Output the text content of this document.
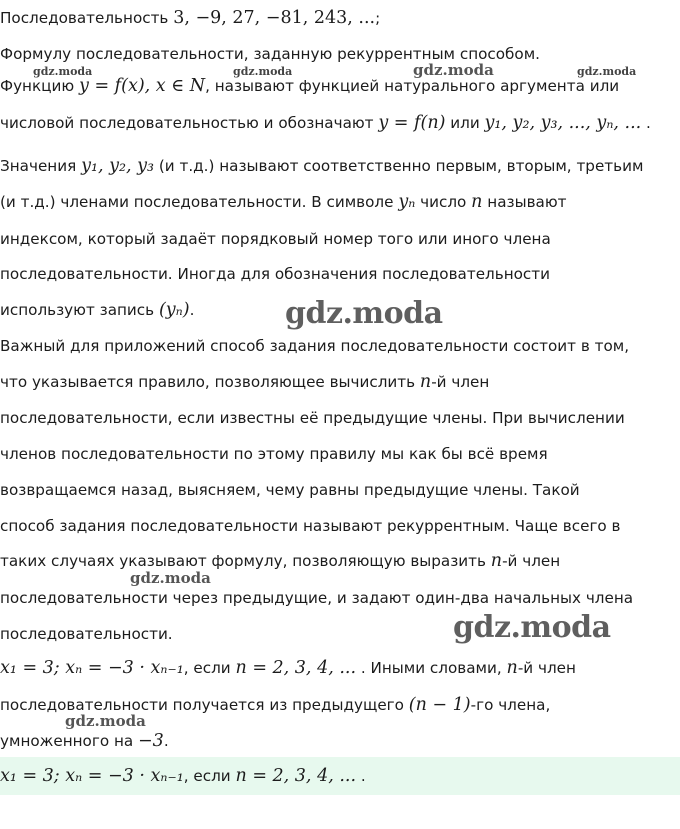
Последовательность 3, −9, 27, −81, 243, ...;
Формулу последовательности, заданную рекуррентным способом.
Функцию y = f(x), x ∈ N, называют функцией натурального аргумента или
числовой последовательностью и обозначают y = f(n) или y₁, y₂, y₃, ..., yₙ, ... .
Значения y₁, y₂, y₃ (и т.д.) называют соответственно первым, вторым, третьим
(и т.д.) членами последовательности. В символе yₙ число n называют
индексом, который задаёт порядковый номер того или иного члена
последовательности. Иногда для обозначения последовательности
используют запись (yₙ).
Важный для приложений способ задания последовательности состоит в том,
что указывается правило, позволяющее вычислить n-й член
последовательности, если известны её предыдущие члены. При вычислении
членов последовательности по этому правилу мы как бы всё время
возвращаемся назад, выясняем, чему равны предыдущие члены. Такой
способ задания последовательности называют рекуррентным. Чаще всего в
таких случаях указывают формулу, позволяющую выразить n-й член
последовательности через предыдущие, и задают один-два начальных члена
последовательности.
x₁ = 3; xₙ = −3 · xₙ₋₁, если n = 2, 3, 4, ... . Иными словами, n-й член
последовательности получается из предыдущего (n − 1)-го члена,
умноженного на −3.
x₁ = 3; xₙ = −3 · xₙ₋₁, если n = 2, 3, 4, ... .
gdz.moda	gdz.moda	gdz.moda	gdz.moda
gdz.moda
gdz.moda
gdz.moda
gdz.moda
